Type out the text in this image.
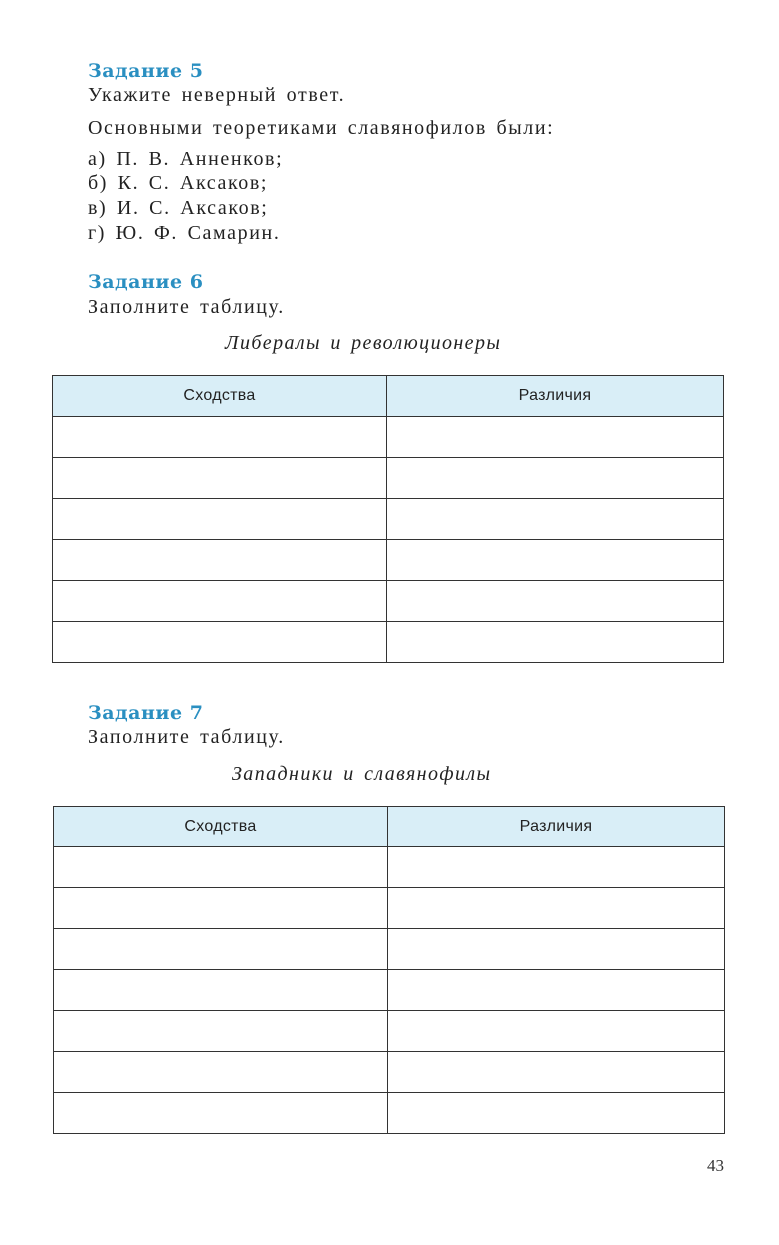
Задание 5

Укажите неверный ответ.

Основными теоретиками славянофилов были:

а) П. В. Анненков;

б) К. С. Аксаков;

в) И. С. Аксаков;

г) Ю. Ф. Самарин.

Задание 6

Заполните таблицу.

Либералы и революционеры

Сходства	Различия

Задание 7

Заполните таблицу.

Западники и славянофилы

Сходства	Различия

43
